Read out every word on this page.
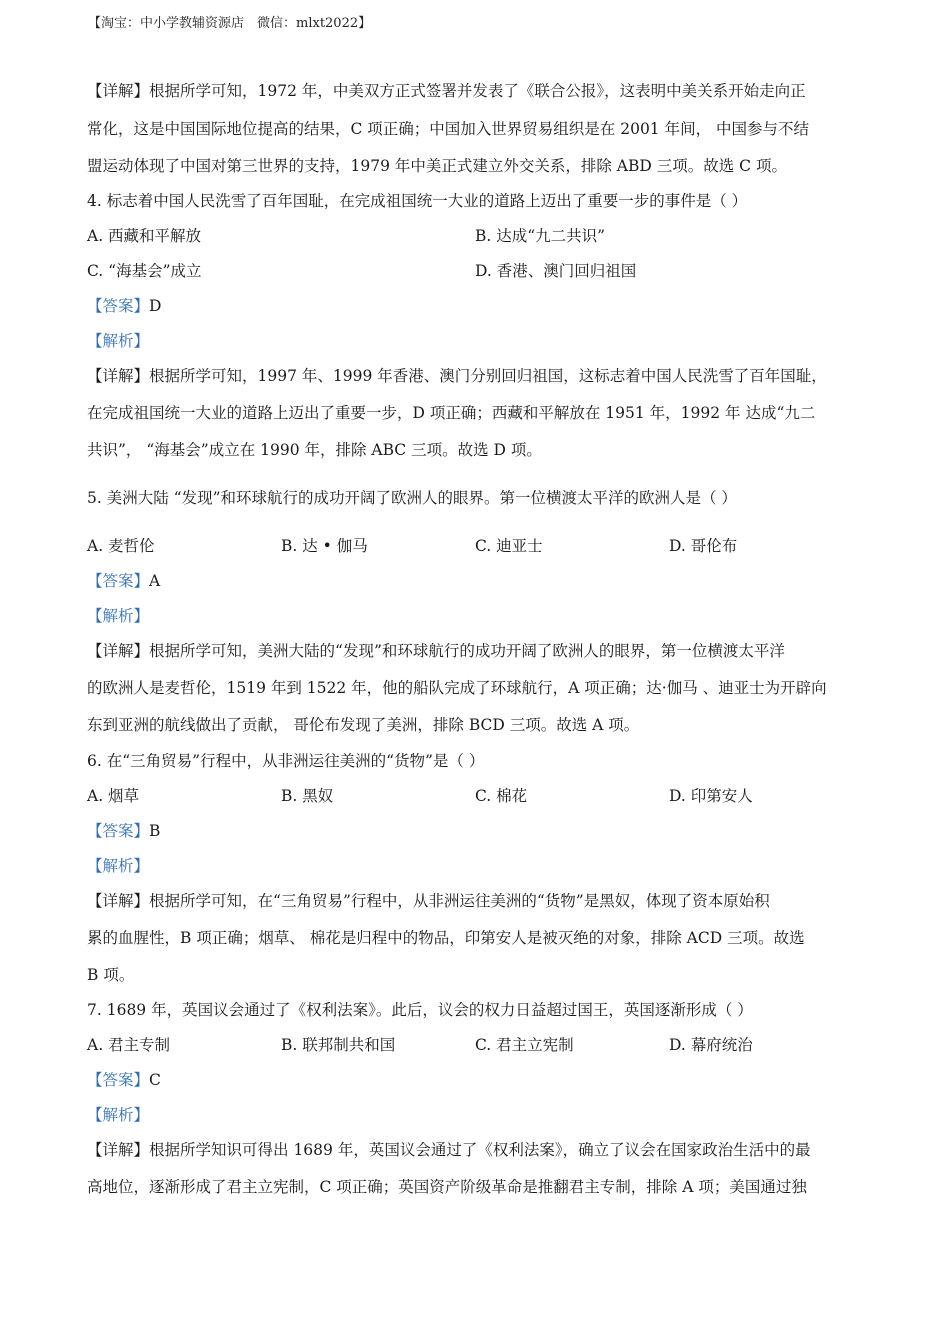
【淘宝：中小学教辅资源店　微信：mlxt2022】
【详解】根据所学可知，1972 年，中美双方正式签署并发表了《联合公报》，这表明中美关系开始走向正
常化，这是中国国际地位提高的结果，C 项正确；中国加入世界贸易组织是在 2001 年间， 中国参与不结
盟运动体现了中国对第三世界的支持，1979 年中美正式建立外交关系，排除 ABD 三项。故选 C 项。
4. 标志着中国人民洗雪了百年国耻，在完成祖国统一大业的道路上迈出了重要一步的事件是（ ）
A. 西藏和平解放	B. 达成“九二共识”
C. “海基会”成立	D. 香港、澳门回归祖国
【答案】D
【解析】
【详解】根据所学可知，1997 年、1999 年香港、澳门分别回归祖国，这标志着中国人民洗雪了百年国耻，
在完成祖国统一大业的道路上迈出了重要一步，D 项正确；西藏和平解放在 1951 年，1992 年 达成“九二
共识”， “海基会”成立在 1990 年，排除 ABC 三项。故选 D 项。
5. 美洲大陆 “发现”和环球航行的成功开阔了欧洲人的眼界。第一位横渡太平洋的欧洲人是（ ）
A. 麦哲伦	B. 达 • 伽马	C. 迪亚士	D. 哥伦布
【答案】A
【解析】
【详解】根据所学可知，美洲大陆的“发现”和环球航行的成功开阔了欧洲人的眼界，第一位横渡太平洋
的欧洲人是麦哲伦，1519 年到 1522 年，他的船队完成了环球航行，A 项正确；达·伽马 、迪亚士为开辟向
东到亚洲的航线做出了贡献， 哥伦布发现了美洲，排除 BCD 三项。故选 A 项。
6. 在“三角贸易”行程中，从非洲运往美洲的“货物”是（ ）
A. 烟草	B. 黑奴	C. 棉花	D. 印第安人
【答案】B
【解析】
【详解】根据所学可知，在“三角贸易”行程中，从非洲运往美洲的“货物”是黑奴，体现了资本原始积
累的血腥性，B 项正确；烟草、 棉花是归程中的物品，印第安人是被灭绝的对象，排除 ACD 三项。故选
B 项。
7. 1689 年，英国议会通过了《权利法案》。此后，议会的权力日益超过国王，英国逐渐形成（ ）
A. 君主专制	B. 联邦制共和国	C. 君主立宪制	D. 幕府统治
【答案】C
【解析】
【详解】根据所学知识可得出 1689 年，英国议会通过了《权利法案》，确立了议会在国家政治生活中的最
高地位，逐渐形成了君主立宪制，C 项正确；英国资产阶级革命是推翻君主专制，排除 A 项；美国通过独
